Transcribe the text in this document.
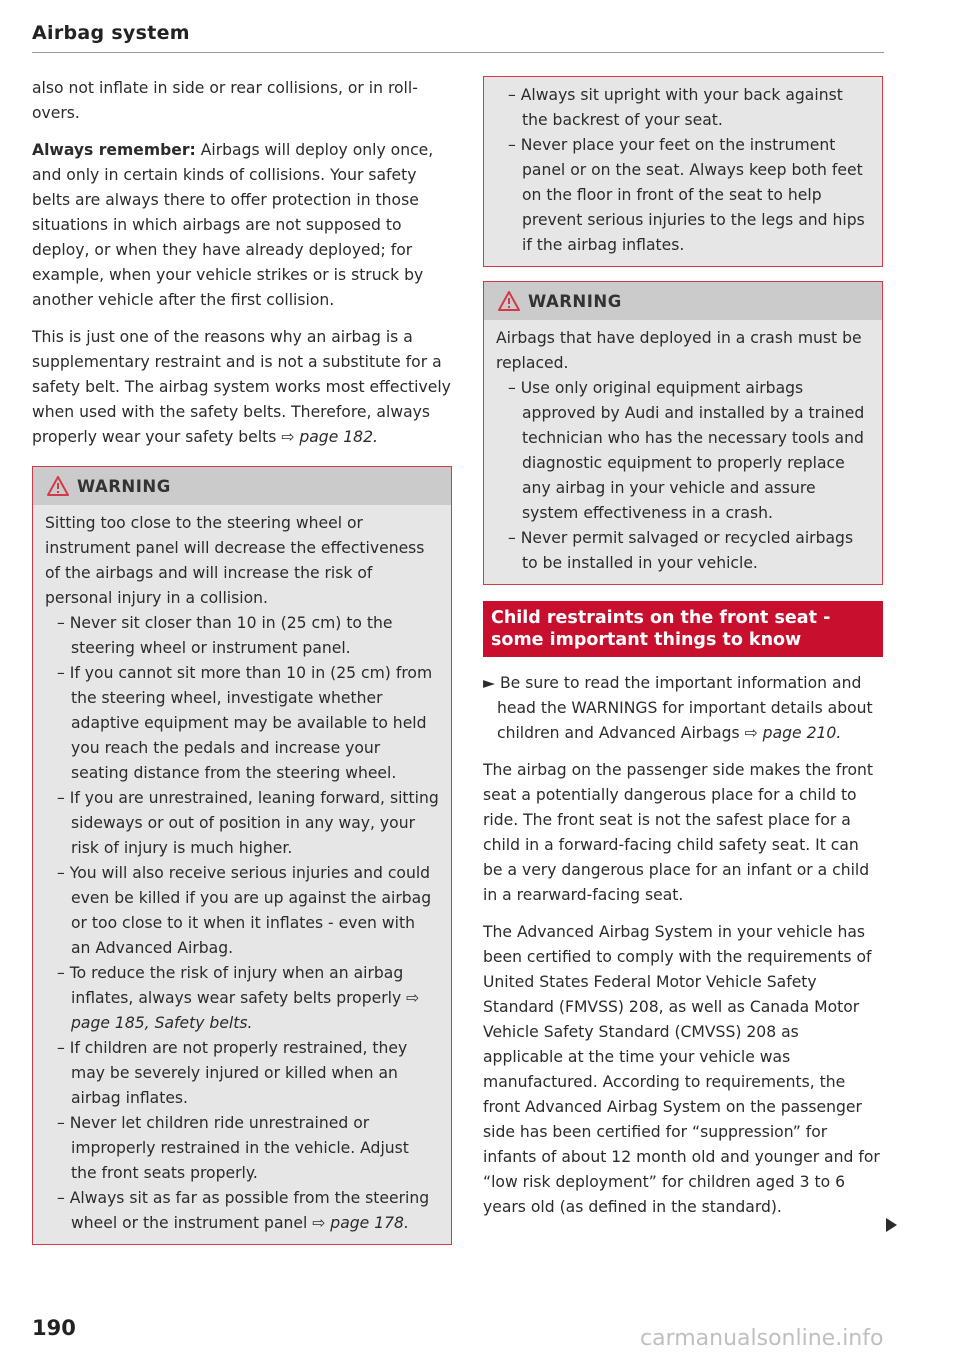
Airbag system

also not inflate in side or rear collisions, or in roll-overs.

Always remember: Airbags will deploy only once, and only in certain kinds of collisions. Your safety belts are always there to offer protection in those situations in which airbags are not supposed to deploy, or when they have already deployed; for example, when your vehicle strikes or is struck by another vehicle after the first collision.

This is just one of the reasons why an airbag is a supplementary restraint and is not a substitute for a safety belt. The airbag system works most effectively when used with the safety belts. Therefore, always properly wear your safety belts ⇨ page 182.

WARNING

Sitting too close to the steering wheel or instrument panel will decrease the effectiveness of the airbags and will increase the risk of personal injury in a collision.

– Never sit closer than 10 in (25 cm) to the steering wheel or instrument panel.
– If you cannot sit more than 10 in (25 cm) from the steering wheel, investigate whether adaptive equipment may be available to held you reach the pedals and increase your seating distance from the steering wheel.
– If you are unrestrained, leaning forward, sitting sideways or out of position in any way, your risk of injury is much higher.
– You will also receive serious injuries and could even be killed if you are up against the airbag or too close to it when it inflates - even with an Advanced Airbag.
– To reduce the risk of injury when an airbag inflates, always wear safety belts properly ⇨ page 185, Safety belts.
– If children are not properly restrained, they may be severely injured or killed when an airbag inflates.
– Never let children ride unrestrained or improperly restrained in the vehicle. Adjust the front seats properly.
– Always sit as far as possible from the steering wheel or the instrument panel ⇨ page 178.
– Always sit upright with your back against the backrest of your seat.
– Never place your feet on the instrument panel or on the seat. Always keep both feet on the floor in front of the seat to help prevent serious injuries to the legs and hips if the airbag inflates.
WARNING

Airbags that have deployed in a crash must be replaced.

– Use only original equipment airbags approved by Audi and installed by a trained technician who has the necessary tools and diagnostic equipment to properly replace any airbag in your vehicle and assure system effectiveness in a crash.
– Never permit salvaged or recycled airbags to be installed in your vehicle.
Child restraints on the front seat - some important things to know

► Be sure to read the important information and head the WARNINGS for important details about children and Advanced Airbags ⇨ page 210.

The airbag on the passenger side makes the front seat a potentially dangerous place for a child to ride. The front seat is not the safest place for a child in a forward-facing child safety seat. It can be a very dangerous place for an infant or a child in a rearward-facing seat.

The Advanced Airbag System in your vehicle has been certified to comply with the requirements of United States Federal Motor Vehicle Safety Standard (FMVSS) 208, as well as Canada Motor Vehicle Safety Standard (CMVSS) 208 as applicable at the time your vehicle was manufactured. According to requirements, the front Advanced Airbag System on the passenger side has been certified for “suppression” for infants of about 12 month old and younger and for “low risk deployment” for children aged 3 to 6 years old (as defined in the standard).

190	carmanualsonline.info
